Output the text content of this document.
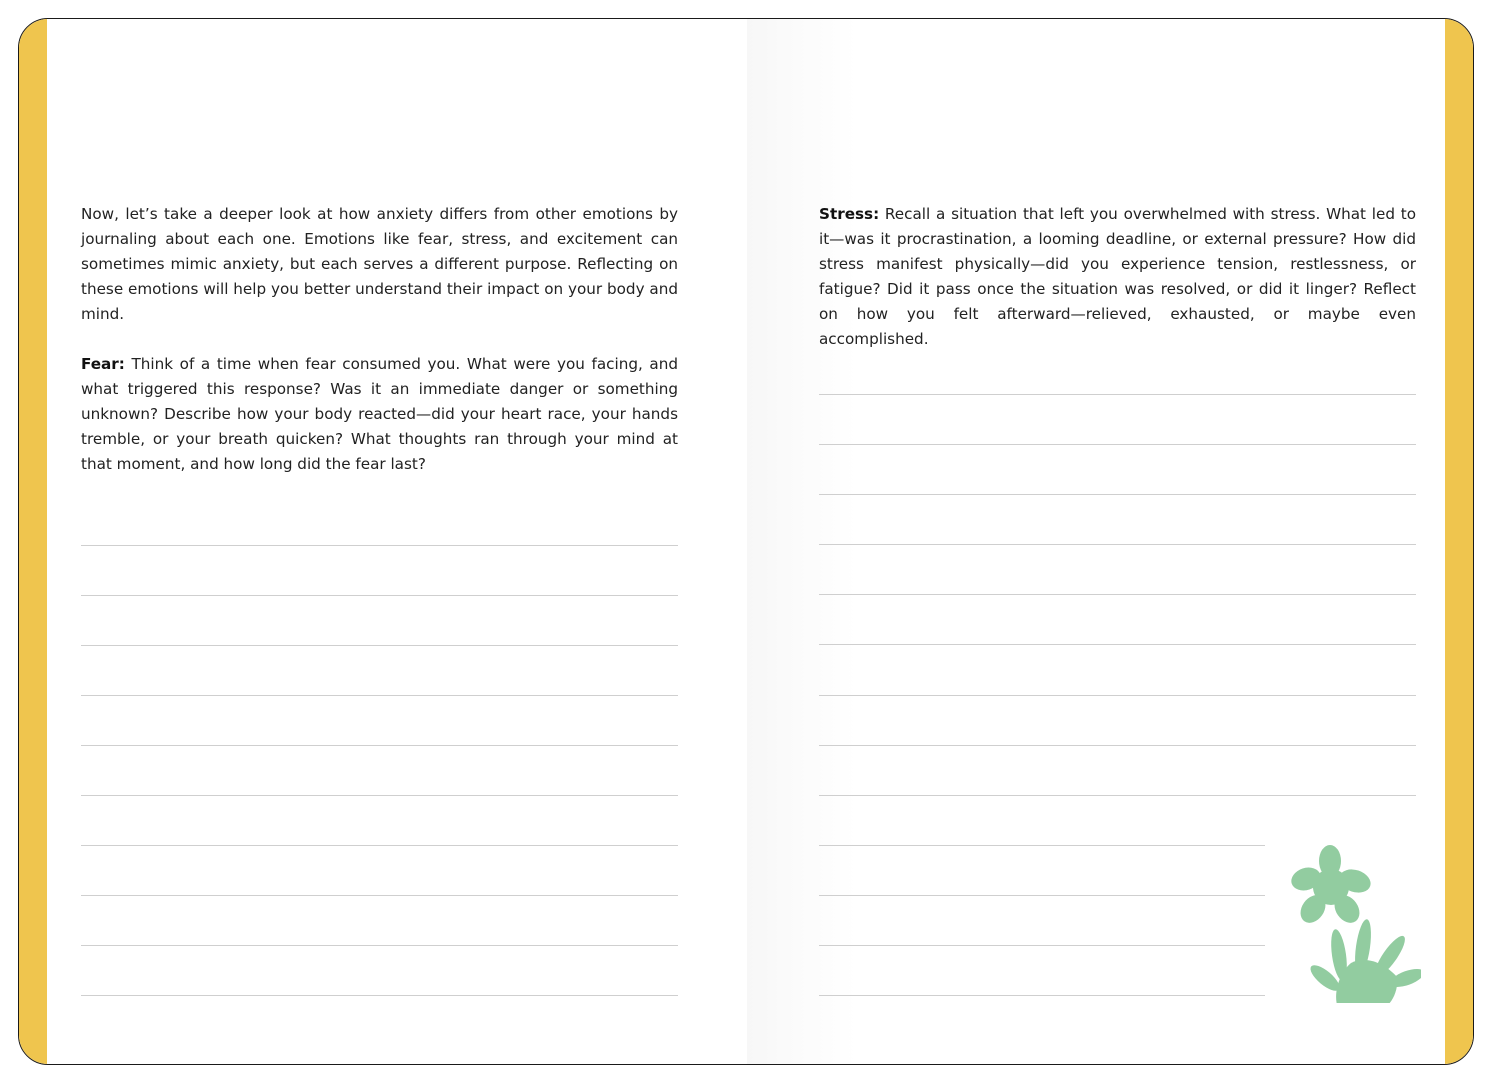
Now, let’s take a deeper look at how anxiety differs from other emotions by journaling about each one. Emotions like fear, stress, and excitement can sometimes mimic anxiety, but each serves a different purpose. Reflecting on these emotions will help you better understand their impact on your body and mind.

Fear: Think of a time when fear consumed you. What were you facing, and what triggered this response? Was it an immediate danger or something unknown? Describe how your body reacted—did your heart race, your hands tremble, or your breath quicken? What thoughts ran through your mind at that moment, and how long did the fear last?

Stress: Recall a situation that left you overwhelmed with stress. What led to it—was it procrastination, a looming deadline, or external pressure? How did stress manifest physically—did you experience tension, restlessness, or fatigue? Did it pass once the situation was resolved, or did it linger? Reflect on how you felt afterward—relieved, exhausted, or maybe even accomplished.
